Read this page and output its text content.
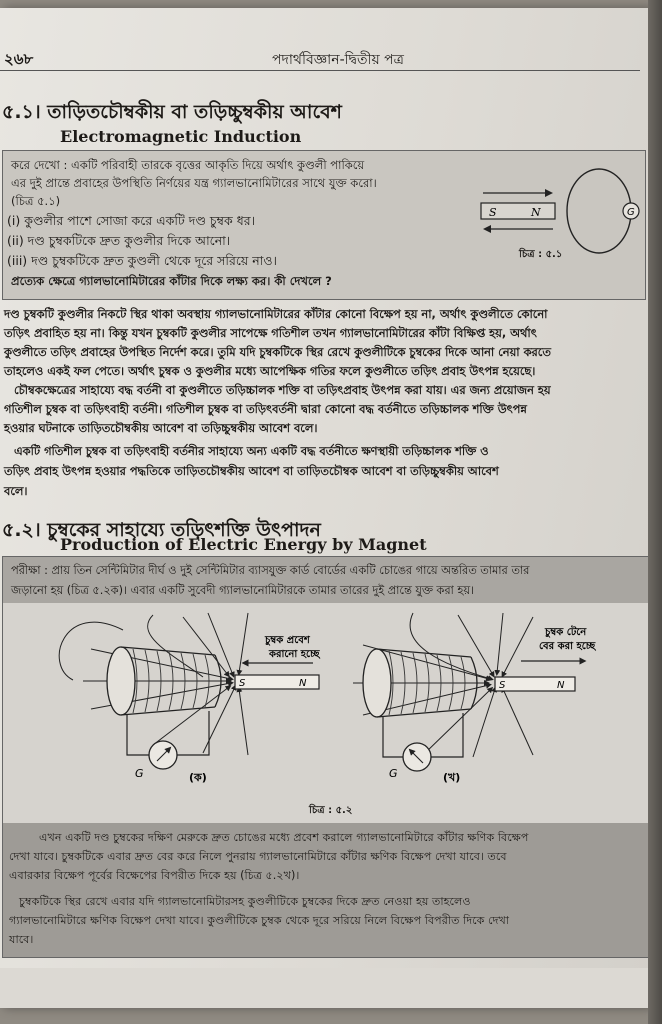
২৬৮	পদার্থবিজ্ঞান-দ্বিতীয় পত্র
৫.১। তাড়িতচৌম্বকীয় বা তড়িচ্চুম্বকীয় আবেশ
Electromagnetic Induction
করে দেখো : একটি পরিবাহী তারকে বৃত্তের আকৃতি দিয়ে অর্থাৎ কুণ্ডলী পাকিয়ে
এর দুই প্রান্তে প্রবাহের উপস্থিতি নির্ণয়ের যন্ত্র গ্যালভানোমিটারের সাথে যুক্ত করো।
(চিত্র ৫.১)
(i) কুণ্ডলীর পাশে সোজা করে একটি দণ্ড চুম্বক ধর।
(ii) দণ্ড চুম্বকটিকে দ্রুত কুণ্ডলীর দিকে আনো।
(iii) দণ্ড চুম্বকটিকে দ্রুত কুণ্ডলী থেকে দূরে সরিয়ে নাও।
প্রত্যেক ক্ষেত্রে গ্যালভানোমিটারের কাঁটার দিকে লক্ষ্য কর। কী দেখলে ?
S	N	G
চিত্র : ৫.১
দণ্ড চুম্বকটি কুণ্ডলীর নিকটে স্থির থাকা অবস্থায় গ্যালভানোমিটারের কাঁটার কোনো বিক্ষেপ হয় না, অর্থাৎ কুণ্ডলীতে কোনো
তড়িৎ প্রবাহিত হয় না। কিন্তু যখন চুম্বকটি কুণ্ডলীর সাপেক্ষে গতিশীল তখন গ্যালভানোমিটারের কাঁটা বিক্ষিপ্ত হয়, অর্থাৎ
কুণ্ডলীতে তড়িৎ প্রবাহের উপস্থিত নির্দেশ করে। তুমি যদি চুম্বকটিকে স্থির রেখে কুণ্ডলীটিকে চুম্বকের দিকে আনা নেয়া করতে
তাহলেও একই ফল পেতে। অর্থাৎ চুম্বক ও কুণ্ডলীর মধ্যে আপেক্ষিক গতির ফলে কুণ্ডলীতে তড়িৎ প্রবাহ উৎপন্ন হয়েছে।
চৌম্বকক্ষেত্রের সাহায্যে বদ্ধ বর্তনী বা কুণ্ডলীতে তড়িচ্চালক শক্তি বা তড়িৎপ্রবাহ উৎপন্ন করা যায়। এর জন্য প্রয়োজন হয়
গতিশীল চুম্বক বা তড়িৎবাহী বর্তনী। গতিশীল চুম্বক বা তড়িৎবর্তনী দ্বারা কোনো বদ্ধ বর্তনীতে তড়িচ্চালক শক্তি উৎপন্ন
হওয়ার ঘটনাকে তাড়িতচৌম্বকীয় আবেশ বা তড়িচ্চুম্বকীয় আবেশ বলে।
একটি গতিশীল চুম্বক বা তড়িৎবাহী বর্তনীর সাহায্যে অন্য একটি বদ্ধ বর্তনীতে ক্ষণস্থায়ী তড়িচ্চালক শক্তি ও
তড়িৎ প্রবাহ উৎপন্ন হওয়ার পদ্ধতিকে তাড়িতচৌম্বকীয় আবেশ বা তাড়িতচৌম্বক আবেশ বা তড়িচ্চুম্বকীয় আবেশ
বলে।
৫.২। চুম্বকের সাহায্যে তড়িৎশক্তি উৎপাদন
Production of Electric Energy by Magnet
পরীক্ষা : প্রায় তিন সেন্টিমিটার দীর্ঘ ও দুই সেন্টিমিটার ব্যাসযুক্ত কার্ড বোর্ডের একটি চোঙের গায়ে অন্তরিত তামার তার
জড়ানো হয় (চিত্র ৫.২ক)। এবার একটি সুবেদী গ্যালভানোমিটারকে তামার তারের দুই প্রান্তে যুক্ত করা হয়।
S	N
চুম্বক প্রবেশ
করানো হচ্ছে
G	(ক)
S	N
চুম্বক টেনে
বের করা হচ্ছে
G	(খ)
চিত্র : ৫.২
এখন একটি দণ্ড চুম্বকের দক্ষিণ মেরুকে দ্রুত চোঙের মধ্যে প্রবেশ করালে গ্যালভানোমিটারে কাঁটার ক্ষণিক বিক্ষেপ
দেখা যাবে। চুম্বকটিকে এবার দ্রুত বের করে নিলে পুনরায় গ্যালভানোমিটারে কাঁটার ক্ষণিক বিক্ষেপ দেখা যাবে। তবে
এবারকার বিক্ষেপ পূর্বের বিক্ষেপের বিপরীত দিকে হয় (চিত্র ৫.২খ)।
চুম্বকটিকে স্থির রেখে এবার যদি গ্যালভানোমিটারসহ কুণ্ডলীটিকে চুম্বকের দিকে দ্রুত নেওয়া হয় তাহলেও
গ্যালভানোমিটারে ক্ষণিক বিক্ষেপ দেখা যাবে। কুণ্ডলীটিকে চুম্বক থেকে দূরে সরিয়ে নিলে বিক্ষেপ বিপরীত দিকে দেখা
যাবে।
